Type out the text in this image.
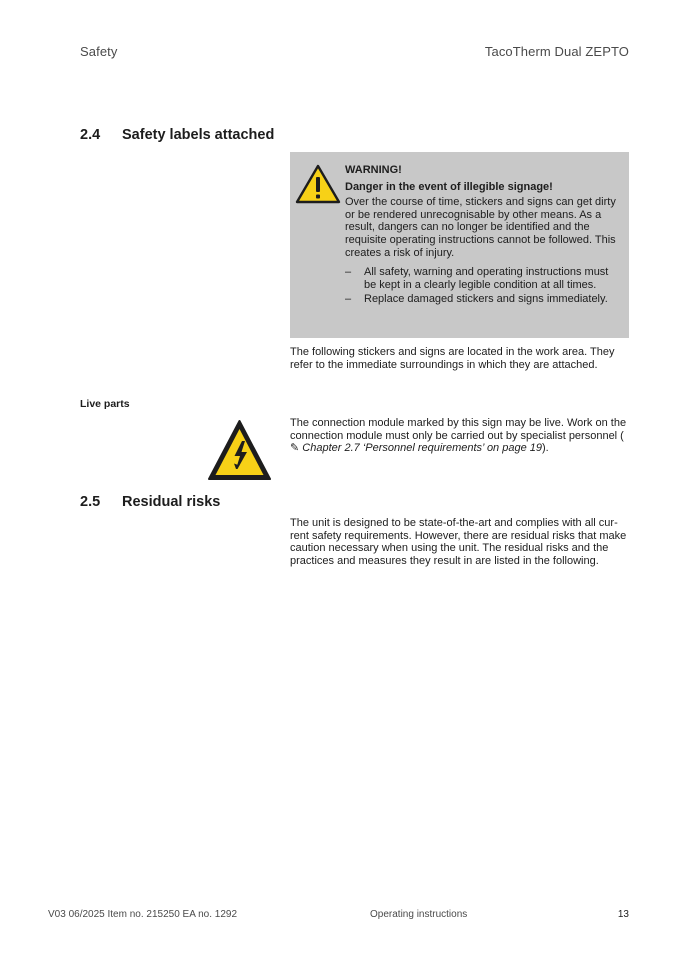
Safety	TacoTherm Dual ZEPTO
2.4 Safety labels attached

WARNING!

Danger in the event of illegible signage!

Over the course of time, stickers and signs can get dirty or be rendered unrecognisable by other means. As a result, dangers can no longer be identified and the requisite operating instructions cannot be followed. This creates a risk of injury.

– All safety, warning and operating instructions must be kept in a clearly legible condition at all times.
– Replace damaged stickers and signs immediately.
The following stickers and signs are located in the work area. They refer to the immediate surroundings in which they are attached.
Live parts
The connection module marked by this sign may be live. Work on the connection module must only be carried out by specialist personnel ( ✎ Chapter 2.7 ‘Personnel requirements’ on page 19).
2.5 Residual risks
The unit is designed to be state-of-the-art and complies with all current safety requirements. However, there are residual risks that make caution necessary when using the unit. The residual risks and the practices and measures they result in are listed in the following.
V03 06/2025 Item no. 215250 EA no. 1292	Operating instructions	13
